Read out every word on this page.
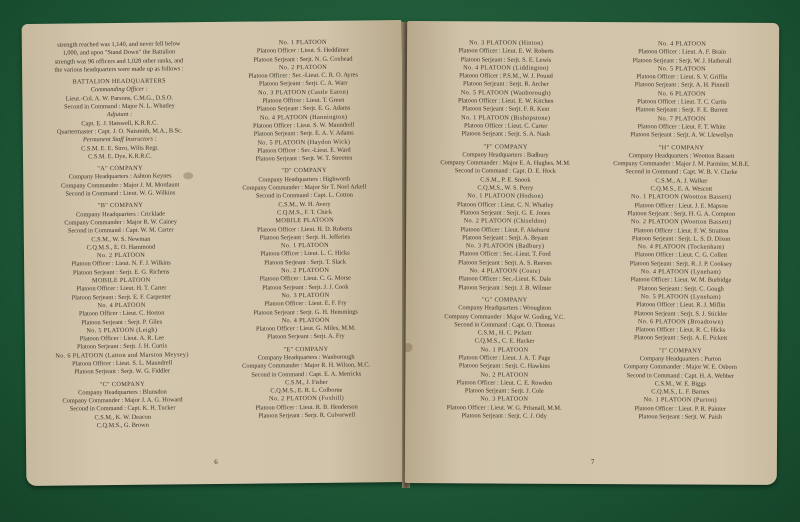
strength reached was 1,140, and never fell below
1,000, and upon "Stand Down" the Battalion
strength was 96 officers and 1,028 other ranks, and
the various headquarters were made up as follows :
BATTALION HEADQUARTERS
Commanding Officer :
Lieut.-Col. A. W. Parsons, C.M.G., D.S.O.
Second in Command : Major N. L. Whatley
Adjutant :
Capt. E. J. Hatswell, K.R.R.C.
Quartermaster : Capt. J. O. Naismith, M.A., B.Sc.
Permanent Staff Instructors :
C.S.M. E. E. Sirro, Wilts Regt.
C.S.M. E. Dye, K.R.R.C.
"A" COMPANY
Company Headquarters : Ashton Keynes
Company Commander : Major J. M. Mordaunt
Second in Command : Lieut. W. G. Wilkins
"B" COMPANY
Company Headquarters : Cricklade
Company Commander : Major R. W. Cainey
Second in Command : Capt. W. M. Carter
C.S.M., W. S. Newman
C.Q.M.S., E. O. Hammond
No. 2 PLATOON
Platoon Officer : Lieut. N. F. J. Wilkins
Platoon Serjeant : Serjt. E. G. Richens
MOBILE PLATOON
Platoon Officer : Lieut. H. T. Carter
Platoon Serjeant : Serjt. E. F. Carpenter
No. 4 PLATOON
Platoon Officer : Lieut. C. Horton
Platoon Serjeant : Serjt. P. Giles
No. 5 PLATOON (Leigh)
Platoon Officer : Lieut. A. R. Lee
Platoon Serjeant : Serjt. J. H. Curtis
No. 6 PLATOON (Latton and Marston Meysey)
Platoon Officer : Lieut. S. L. Maundrell
Platoon Serjeant : Serjt. W. G. Fiddler
"C" COMPANY
Company Headquarters : Blunsdon
Company Commander : Major J. A. G. Howard
Second in Command : Capt. K. H. Tucker
C.S.M., K. W. Deacon
C.Q.M.S., G. Brown
No. 1 PLATOON
Platoon Officer : Lieut. S. Heddimer
Platoon Serjeant : Serjt. N. G. Coxhead
No. 2 PLATOON
Platoon Officer : Sec.-Lieut. C. R. O. Ayres
Platoon Serjeant : Serjt. C. A. Warr
No. 3 PLATOON (Castle Eaton)
Platoon Officer : Lieut. T. Green
Platoon Serjeant : Serjt. E. G. Adams
No. 4 PLATOON (Hannington)
Platoon Officer : Lieut. S. W. Maundrell
Platoon Serjeant : Serjt. E. A. V. Adams
No. 5 PLATOON (Haydon Wick)
Platoon Officer : Sec.-Lieut. E. Ward
Platoon Serjeant : Serjt. W. T. Streeten
"D" COMPANY
Company Headquarters : Highworth
Company Commander : Major Sir T. Noel Arkell
Second in Command : Capt. L. Cotton
C.S.M., W. H. Avery
C.Q.M.S., F. T. Chick
MOBILE PLATOON
Platoon Officer : Lieut. H. D. Roberts
Platoon Serjeant : Serjt. H. Jefferies
No. 1 PLATOON
Platoon Officer : Lieut. L. C. Hicks
Platoon Serjeant : Serjt. T. Slack
No. 2 PLATOON
Platoon Officer : Lieut. C. G. Morse
Platoon Serjeant : Serjt. J. J. Cook
No. 3 PLATOON
Platoon Officer : Lieut. E. F. Fry
Platoon Serjeant : Serjt. G. H. Hemmings
No. 4 PLATOON
Platoon Officer : Lieut. G. Miles, M.M.
Platoon Serjeant : Serjt. A. Fry
"E" COMPANY
Company Headquarters : Wanborough
Company Commander : Major R. H. Wilson, M.C.
Second in Command : Capt. E. A. Merricks
C.S.M., J. Fisher
C.Q.M.S., E. R. L. Colborne
No. 2 PLATOON (Foxhill)
Platoon Officer : Lieut. R. B. Henderson
Platoon Serjeant : Serjt. R. Culverwell
6
No. 3 PLATOON (Hinton)
Platoon Officer : Lieut. E. W. Roberts
Platoon Serjeant : Serjt. S. E. Lewis
No. 4 PLATOON (Liddington)
Platoon Officer : P.S.M., W. J. Pound
Platoon Serjeant : Serjt. R. Archer
No. 5 PLATOON (Wanborough)
Platoon Officer : Lieut. E. W. Kitchen
Platoon Serjeant : Serjt. F. R. Kent
No. 1 PLATOON (Bishopstone)
Platoon Officer : Lieut. C. Carter
Platoon Serjeant : Serjt. S. A. Nash
"F" COMPANY
Company Headquarters : Badbury
Company Commander : Major E. A. Hughes, M.M.
Second in Command : Capt. D. E. Hock
C.S.M., P. E. Snook
C.Q.M.S., W. S. Perry
No. 1 PLATOON (Hodson)
Platoon Officer : Lieut. C. N. Whatley
Platoon Serjeant : Serjt. G. E. Jones
No. 2 PLATOON (Chiseldon)
Platoon Officer : Lieut. F. Akehurst
Platoon Serjeant : Serjt. A. Bryant
No. 3 PLATOON (Badbury)
Platoon Officer : Sec.-Lieut. T. Ford
Platoon Serjeant : Serjt. A. S. Reeves
No. 4 PLATOON (Coate)
Platoon Officer : Sec.-Lieut. K. Dale
Platoon Serjeant : Serjt. J. B. Wilmer
"G" COMPANY
Company Headquarters : Wroughton
Company Commander : Major W. Goding, V.C.
Second in Command : Capt. O. Thomas
C.S.M., H. C. Pickett
C.Q.M.S., C. E. Hacker
No. 1 PLATOON
Platoon Officer : Lieut. J. A. T. Page
Platoon Serjeant : Serjt. C. Hawkins
No. 2 PLATOON
Platoon Officer : Lieut. C. E. Rowden
Platoon Serjeant : Serjt. J. Cole
No. 3 PLATOON
Platoon Officer : Lieut. W. G. Prismall, M.M.
Platoon Serjeant : Serjt. C. J. Ody
No. 4 PLATOON
Platoon Officer : Lieut. A. F. Brain
Platoon Serjeant : Serjt. W. J. Hatherall
No. 5 PLATOON
Platoon Officer : Lieut. S. V. Griffin
Platoon Serjeant : Serjt. A. H. Pinnell
No. 6 PLATOON
Platoon Officer : Lieut. T. C. Curtis
Platoon Serjeant : Serjt. F. E. Burrett
No. 7 PLATOON
Platoon Officer : Lieut. F. T. White
Platoon Serjeant : Serjt. A. W. Llewellyn
"H" COMPANY
Company Headquarters : Wootton Bassett
Company Commander : Major J. M. Parmiter, M.B.E.
Second in Command : Capt. W. B. V. Clarke
C.S.M., A. J. Walker
C.Q.M.S., E. A. Wescott
No. 1 PLATOON (Wootton Bassett)
Platoon Officer : Lieut. J. E. Mapson
Platoon Serjeant : Serjt. H. G. A. Compton
No. 2 PLATOON (Wootton Bassett)
Platoon Officer : Lieut. F. W. Stratton
Platoon Serjeant : Serjt. L. S. D. Dixon
No. 4 PLATOON (Tockenham)
Platoon Officer : Lieut. C. G. Collett
Platoon Serjeant : Serjt. R. J. P. Cooksey
No. 4 PLATOON (Lyneham)
Platoon Officer : Lieut. W. M. Burbidge
Platoon Serjeant : Serjt. C. Gough
No. 5 PLATOON (Lyneham)
Platoon Officer : Lieut. R. J. Miflin
Platoon Serjeant : Serjt. S. J. Stickler
No. 6 PLATOON (Broadtown)
Platoon Officer : Lieut. R. C. Hicks
Platoon Serjeant : Serjt. A. E. Pickett
"I" COMPANY
Company Headquarters : Purton
Company Commander : Major W. E. Osborn
Second in Command : Capt. H. A. Webber
C.S.M., W. E. Biggs
C.Q.M.S., L. F. Barnes
No. 1 PLATOON (Purton)
Platoon Officer : Lieut. P. R. Painter
Platoon Serjeant : Serjt. W. Paish
7
